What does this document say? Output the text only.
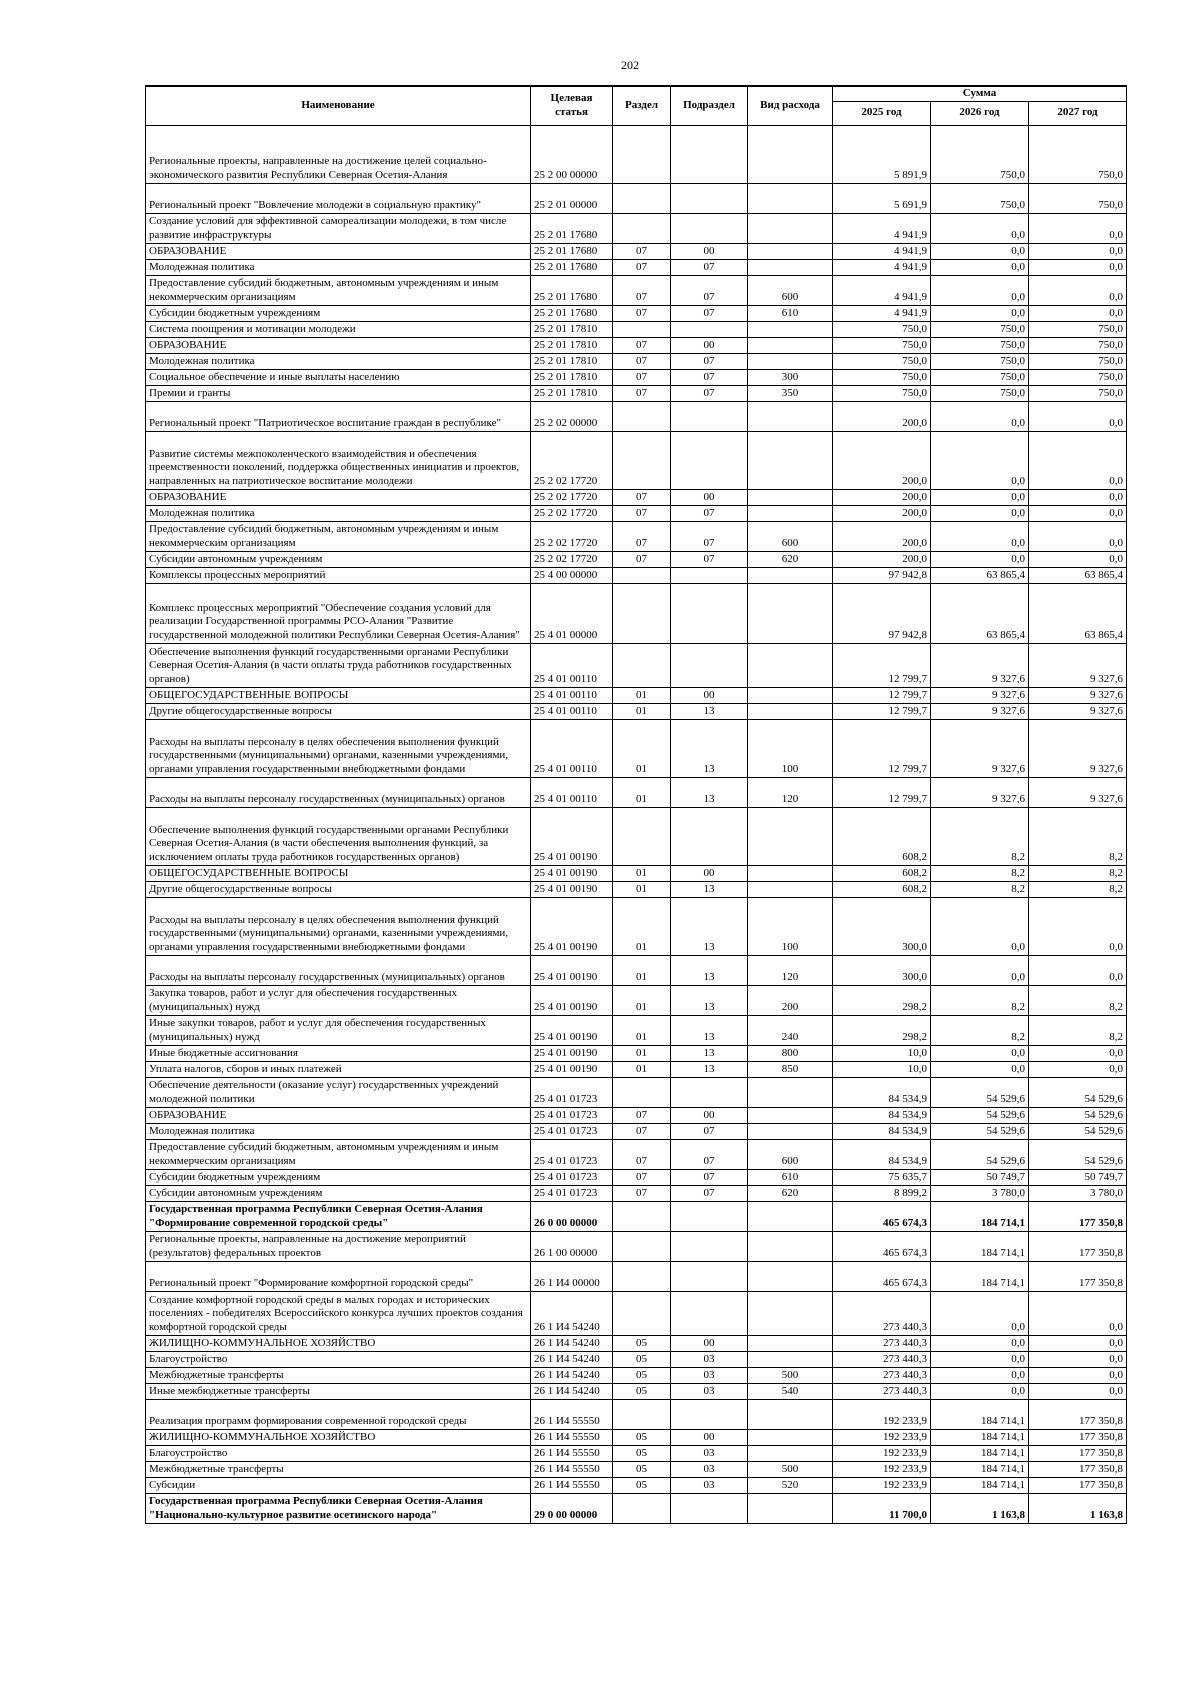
202
Наименование	Целевая статья	Раздел	Подраздел	Вид расхода	Сумма		
					2025 год	2026 год	2027 год
Региональные проекты, направленные на достижение целей социально-экономического развития Республики Северная Осетия-Алания	25 2 00 00000				5 891,9	750,0	750,0
Региональный проект "Вовлечение молодежи в социальную практику"	25 2 01 00000				5 691,9	750,0	750,0
Создание условий для эффективной самореализации молодежи, в том числе развитие инфраструктуры	25 2 01 17680				4 941,9	0,0	0,0
ОБРАЗОВАНИЕ	25 2 01 17680	07	00		4 941,9	0,0	0,0
Молодежная политика	25 2 01 17680	07	07		4 941,9	0,0	0,0
Предоставление субсидий бюджетным, автономным учреждениям и иным некоммерческим организациям	25 2 01 17680	07	07	600	4 941,9	0,0	0,0
Субсидии бюджетным учреждениям	25 2 01 17680	07	07	610	4 941,9	0,0	0,0
Система поощрения и мотивации молодежи	25 2 01 17810				750,0	750,0	750,0
ОБРАЗОВАНИЕ	25 2 01 17810	07	00		750,0	750,0	750,0
Молодежная политика	25 2 01 17810	07	07		750,0	750,0	750,0
Социальное обеспечение и иные выплаты населению	25 2 01 17810	07	07	300	750,0	750,0	750,0
Премии и гранты	25 2 01 17810	07	07	350	750,0	750,0	750,0
Региональный проект "Патриотическое воспитание граждан в республике"	25 2 02 00000				200,0	0,0	0,0
Развитие системы межпоколенческого взаимодействия и обеспечения преемственности поколений, поддержка общественных инициатив и проектов, направленных на патриотическое воспитание молодежи	25 2 02 17720				200,0	0,0	0,0
ОБРАЗОВАНИЕ	25 2 02 17720	07	00		200,0	0,0	0,0
Молодежная политика	25 2 02 17720	07	07		200,0	0,0	0,0
Предоставление субсидий бюджетным, автономным учреждениям и иным некоммерческим организациям	25 2 02 17720	07	07	600	200,0	0,0	0,0
Субсидии автономным учреждениям	25 2 02 17720	07	07	620	200,0	0,0	0,0
Комплексы процессных мероприятий	25 4 00 00000				97 942,8	63 865,4	63 865,4
Комплекс процессных мероприятий "Обеспечение создания условий для реализации Государственной программы РСО-Алания "Развитие государственной молодежной политики Республики Северная Осетия-Алания"	25 4 01 00000				97 942,8	63 865,4	63 865,4
Обеспечение выполнения функций государственными органами Республики Северная Осетия-Алания (в части оплаты труда работников государственных органов)	25 4 01 00110				12 799,7	9 327,6	9 327,6
ОБЩЕГОСУДАРСТВЕННЫЕ ВОПРОСЫ	25 4 01 00110	01	00		12 799,7	9 327,6	9 327,6
Другие общегосударственные вопросы	25 4 01 00110	01	13		12 799,7	9 327,6	9 327,6
Расходы на выплаты персоналу в целях обеспечения выполнения функций государственными (муниципальными) органами, казенными учреждениями, органами управления государственными внебюджетными фондами	25 4 01 00110	01	13	100	12 799,7	9 327,6	9 327,6
Расходы на выплаты персоналу государственных (муниципальных) органов	25 4 01 00110	01	13	120	12 799,7	9 327,6	9 327,6
Обеспечение выполнения функций государственными органами Республики Северная Осетия-Алания (в части обеспечения выполнения функций, за исключением оплаты труда работников государственных органов)	25 4 01 00190				608,2	8,2	8,2
ОБЩЕГОСУДАРСТВЕННЫЕ ВОПРОСЫ	25 4 01 00190	01	00		608,2	8,2	8,2
Другие общегосударственные вопросы	25 4 01 00190	01	13		608,2	8,2	8,2
Расходы на выплаты персоналу в целях обеспечения выполнения функций государственными (муниципальными) органами, казенными учреждениями, органами управления государственными внебюджетными фондами	25 4 01 00190	01	13	100	300,0	0,0	0,0
Расходы на выплаты персоналу государственных (муниципальных) органов	25 4 01 00190	01	13	120	300,0	0,0	0,0
Закупка товаров, работ и услуг для обеспечения государственных (муниципальных) нужд	25 4 01 00190	01	13	200	298,2	8,2	8,2
Иные закупки товаров, работ и услуг для обеспечения государственных (муниципальных) нужд	25 4 01 00190	01	13	240	298,2	8,2	8,2
Иные бюджетные ассигнования	25 4 01 00190	01	13	800	10,0	0,0	0,0
Уплата налогов, сборов и иных платежей	25 4 01 00190	01	13	850	10,0	0,0	0,0
Обеспечение деятельности (оказание услуг) государственных учреждений молодежной политики	25 4 01 01723				84 534,9	54 529,6	54 529,6
ОБРАЗОВАНИЕ	25 4 01 01723	07	00		84 534,9	54 529,6	54 529,6
Молодежная политика	25 4 01 01723	07	07		84 534,9	54 529,6	54 529,6
Предоставление субсидий бюджетным, автономным учреждениям и иным некоммерческим организациям	25 4 01 01723	07	07	600	84 534,9	54 529,6	54 529,6
Субсидии бюджетным учреждениям	25 4 01 01723	07	07	610	75 635,7	50 749,7	50 749,7
Субсидии автономным учреждениям	25 4 01 01723	07	07	620	8 899,2	3 780,0	3 780,0
Государственная программа Республики Северная Осетия-Алания "Формирование современной городской среды"	26 0 00 00000				465 674,3	184 714,1	177 350,8
Региональные проекты, направленные на достижение мероприятий (результатов) федеральных проектов	26 1 00 00000				465 674,3	184 714,1	177 350,8
Региональный проект "Формирование комфортной городской среды"	26 1 И4 00000				465 674,3	184 714,1	177 350,8
Создание комфортной городской среды в малых городах и исторических поселениях - победителях Всероссийского конкурса лучших проектов создания комфортной городской среды	26 1 И4 54240				273 440,3	0,0	0,0
ЖИЛИЩНО-КОММУНАЛЬНОЕ ХОЗЯЙСТВО	26 1 И4 54240	05	00		273 440,3	0,0	0,0
Благоустройство	26 1 И4 54240	05	03		273 440,3	0,0	0,0
Межбюджетные трансферты	26 1 И4 54240	05	03	500	273 440,3	0,0	0,0
Иные межбюджетные трансферты	26 1 И4 54240	05	03	540	273 440,3	0,0	0,0
Реализация программ формирования современной городской среды	26 1 И4 55550				192 233,9	184 714,1	177 350,8
ЖИЛИЩНО-КОММУНАЛЬНОЕ ХОЗЯЙСТВО	26 1 И4 55550	05	00		192 233,9	184 714,1	177 350,8
Благоустройство	26 1 И4 55550	05	03		192 233,9	184 714,1	177 350,8
Межбюджетные трансферты	26 1 И4 55550	05	03	500	192 233,9	184 714,1	177 350,8
Субсидии	26 1 И4 55550	05	03	520	192 233,9	184 714,1	177 350,8
Государственная программа Республики Северная Осетия-Алания "Национально-культурное развитие осетинского народа"	29 0 00 00000				11 700,0	1 163,8	1 163,8
